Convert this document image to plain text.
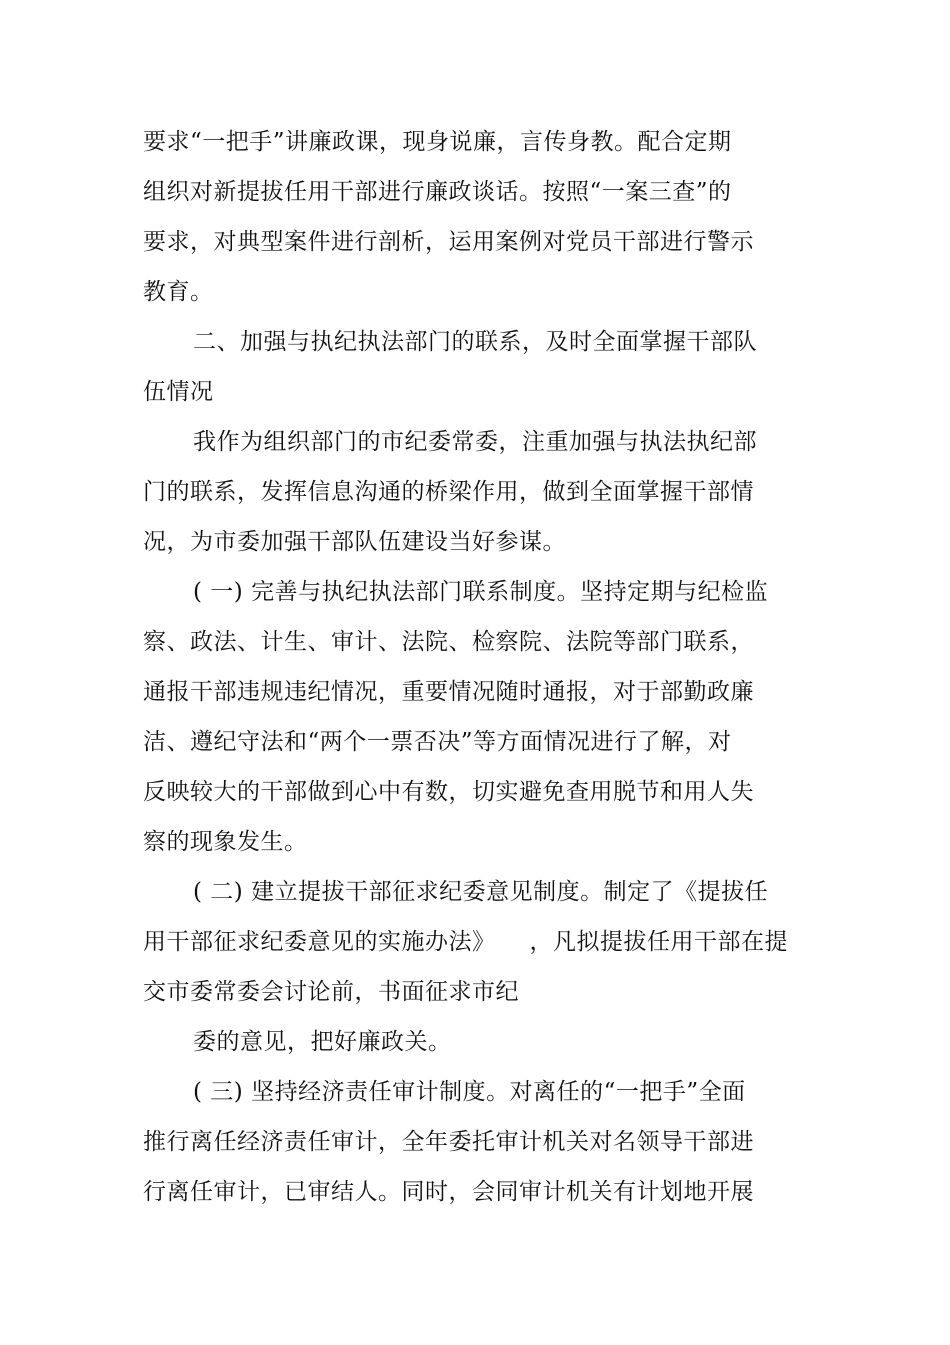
要求“一把手”讲廉政课，现身说廉，言传身教。配合定期
组织对新提拔任用干部进行廉政谈话。按照“一案三查”的
要求，对典型案件进行剖析，运用案例对党员干部进行警示
教育。
二、加强与执纪执法部门的联系，及时全面掌握干部队
伍情况
我作为组织部门的市纪委常委，注重加强与执法执纪部
门的联系，发挥信息沟通的桥梁作用，做到全面掌握干部情
况，为市委加强干部队伍建设当好参谋。
( 一) 完善与执纪执法部门联系制度。坚持定期与纪检监
察、政法、计生、审计、法院、检察院、法院等部门联系，
通报干部违规违纪情况，重要情况随时通报，对于部勤政廉
洁、遵纪守法和“两个一票否决”等方面情况进行了解，对
反映较大的干部做到心中有数，切实避免查用脱节和用人失
察的现象发生。
( 二) 建立提拔干部征求纪委意见制度。制定了《提拔任
用干部征求纪委意见的实施办法》 ，凡拟提拔任用干部在提
交市委常委会讨论前，书面征求市纪
委的意见，把好廉政关。
( 三) 坚持经济责任审计制度。对离任的“一把手”全面
推行离任经济责任审计，全年委托审计机关对名领导干部进
行离任审计，已审结人。同时，会同审计机关有计划地开展
